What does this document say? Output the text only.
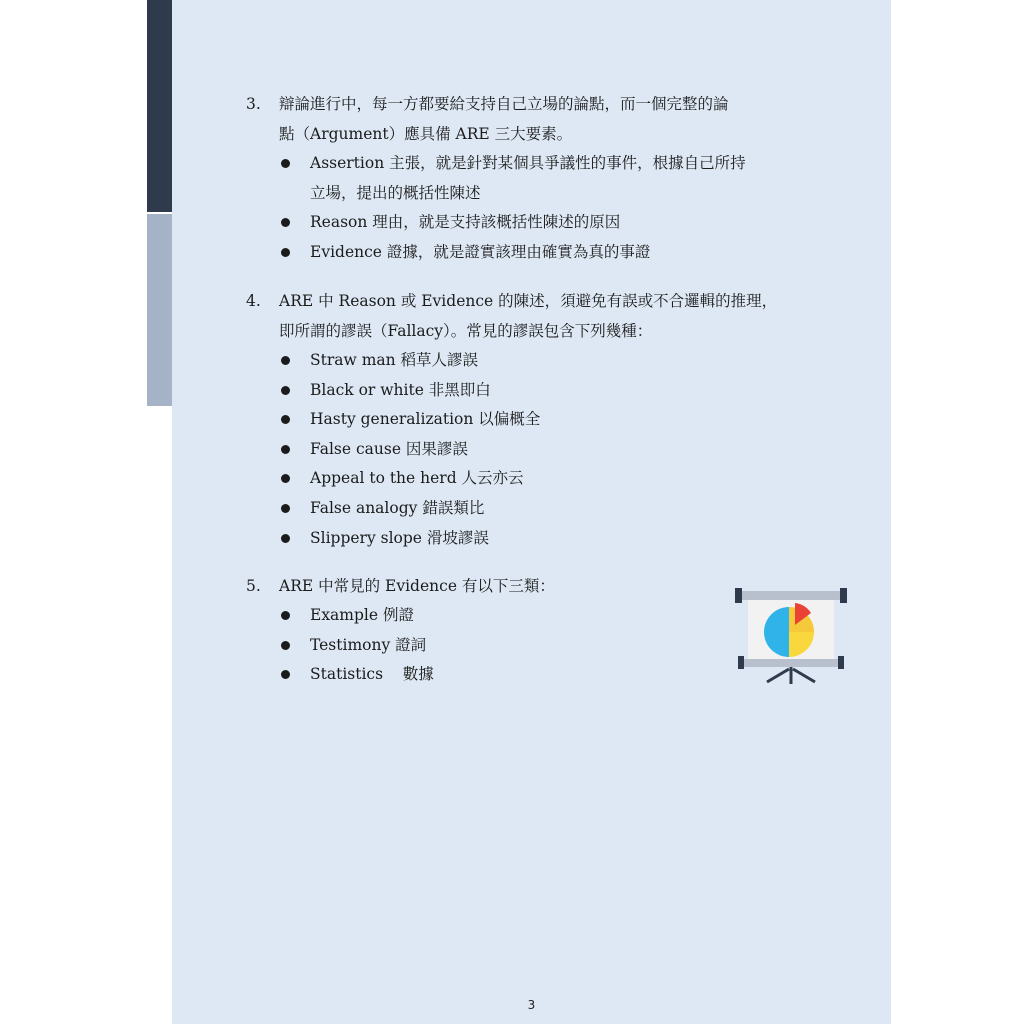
3.	辯論進行中，每一方都要給支持自己立場的論點，而一個完整的論
點（Argument）應具備 ARE 三大要素。
Assertion 主張，就是針對某個具爭議性的事件，根據自己所持
立場，提出的概括性陳述
Reason 理由，就是支持該概括性陳述的原因
Evidence 證據，就是證實該理由確實為真的事證
4.	ARE 中 Reason 或 Evidence 的陳述，須避免有誤或不合邏輯的推理，
即所謂的謬誤（Fallacy）。常見的謬誤包含下列幾種：
Straw man 稻草人謬誤
Black or white 非黑即白
Hasty generalization 以偏概全
False cause 因果謬誤
Appeal to the herd 人云亦云
False analogy 錯誤類比
Slippery slope 滑坡謬誤
5.	ARE 中常見的 Evidence 有以下三類：
Example 例證
Testimony 證詞
Statistics    數據
3
